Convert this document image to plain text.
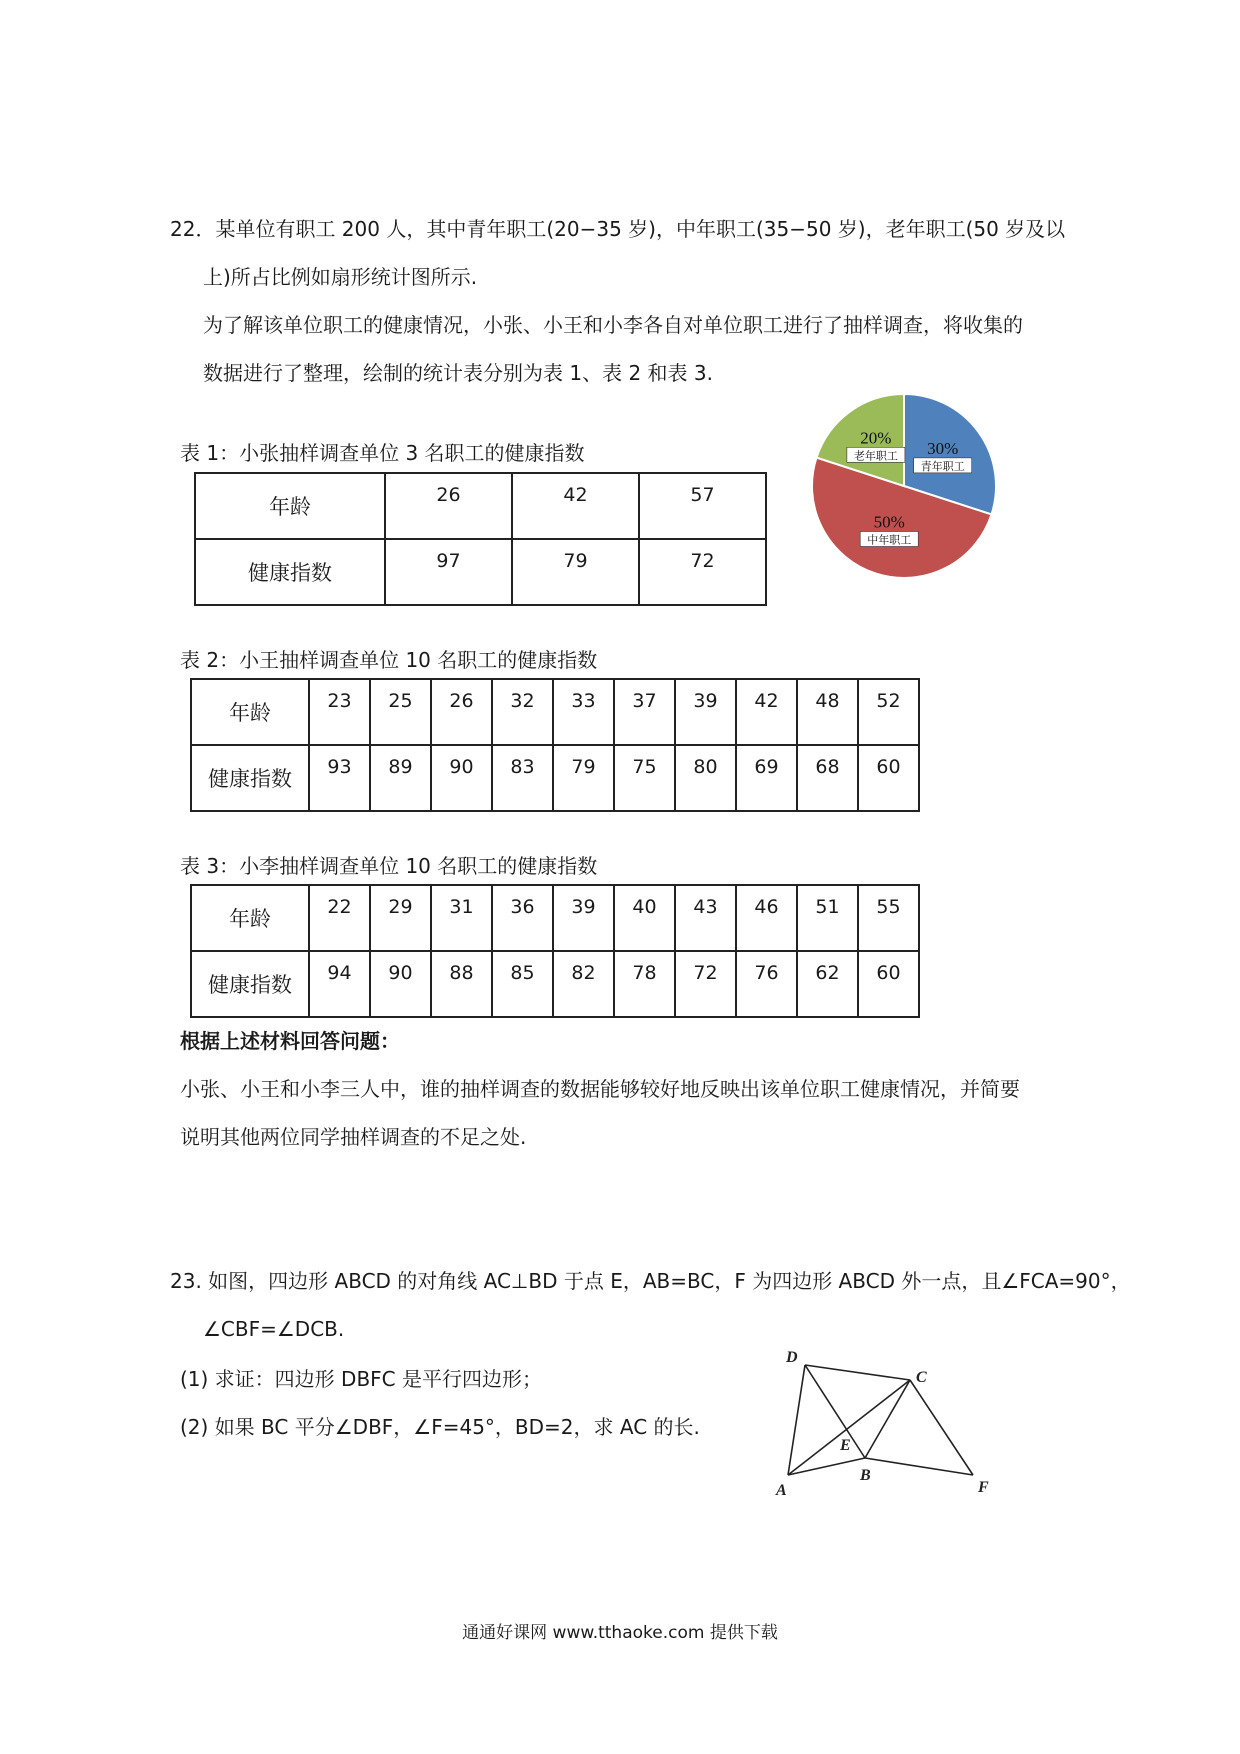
22．某单位有职工 200 人，其中青年职工(20−35 岁)，中年职工(35−50 岁)，老年职工(50 岁及以
上)所占比例如扇形统计图所示.
为了解该单位职工的健康情况，小张、小王和小李各自对单位职工进行了抽样调查，将收集的
数据进行了整理，绘制的统计表分别为表 1、表 2 和表 3.
30%
青年职工
50%
中年职工
20%
老年职工
表 1：小张抽样调查单位 3 名职工的健康指数
年龄	26	42	57
健康指数	97	79	72
表 2：小王抽样调查单位 10 名职工的健康指数
年龄	23	25	26	32	33	37	39	42	48	52
健康指数	93	89	90	83	79	75	80	69	68	60
表 3：小李抽样调查单位 10 名职工的健康指数
年龄	22	29	31	36	39	40	43	46	51	55
健康指数	94	90	88	85	82	78	72	76	62	60
根据上述材料回答问题：
小张、小王和小李三人中，谁的抽样调查的数据能够较好地反映出该单位职工健康情况，并简要
说明其他两位同学抽样调查的不足之处.
23. 如图，四边形 ABCD 的对角线 AC⊥BD 于点 E，AB=BC，F 为四边形 ABCD 外一点，且∠FCA=90°，
∠CBF=∠DCB.
(1) 求证：四边形 DBFC 是平行四边形；
(2) 如果 BC 平分∠DBF，∠F=45°，BD=2，求 AC 的长.
D
C
E
A
B
F
通通好课网 www.tthaoke.com 提供下载
